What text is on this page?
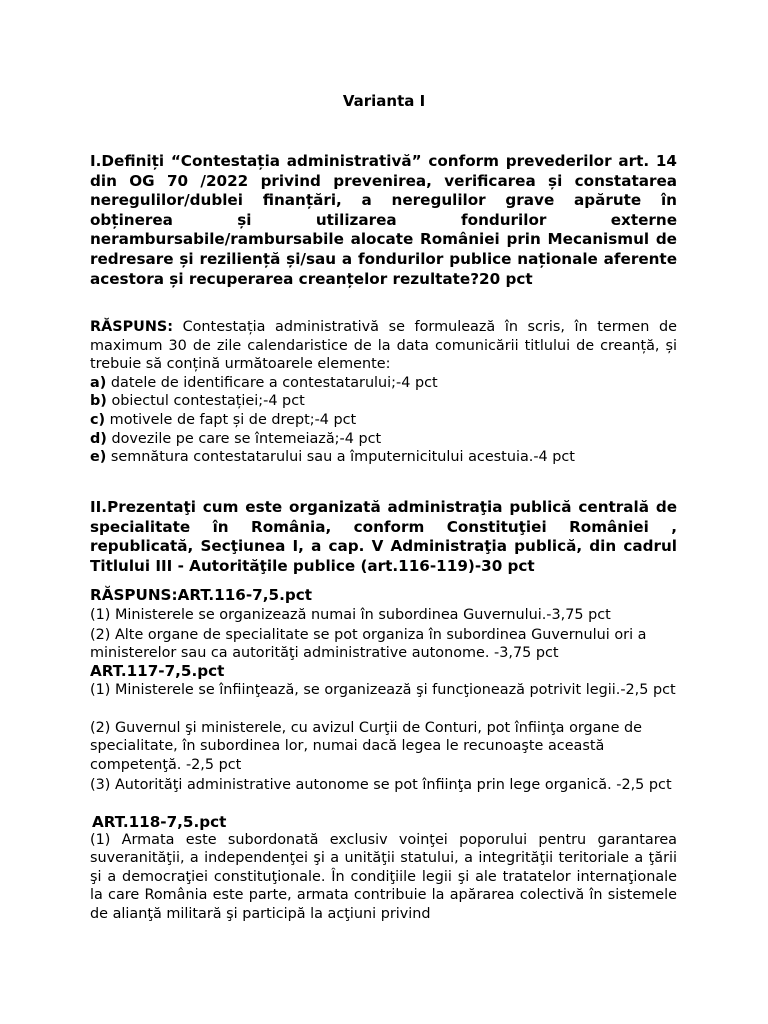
Varianta I
I.Definiți “Contestația administrativă” conform prevederilor art. 14 din OG 70 /2022 privind prevenirea, verificarea și constatarea neregulilor/dublei finanțări, a neregulilor grave apărute în obținerea și utilizarea fondurilor externe nerambursabile/rambursabile alocate României prin Mecanismul de redresare și reziliență și/sau a fondurilor publice naționale aferente acestora și recuperarea creanțelor rezultate?20 pct

RĂSPUNS: Contestația administrativă se formulează în scris, în termen de maximum 30 de zile calendaristice de la data comunicării titlului de creanță, și trebuie să conțină următoarele elemente:

a) datele de identificare a contestatarului;-4 pct

b) obiectul contestației;-4 pct

c) motivele de fapt și de drept;-4 pct

d) dovezile pe care se întemeiază;-4 pct

e) semnătura contestatarului sau a împuternicitului acestuia.-4 pct

II.Prezentaţi cum este organizată administraţia publică centrală de specialitate în România, conform Constituţiei României , republicată, Secţiunea I, a cap. V Administraţia publică, din cadrul Titlului III - Autorităţile publice (art.116-119)-30 pct
RĂSPUNS:ART.116-7,5.pct
(1) Ministerele se organizează numai în subordinea Guvernului.-3,75 pct
(2) Alte organe de specialitate se pot organiza în subordinea Guvernului ori a ministerelor sau ca autorităţi administrative autonome. -3,75 pct
ART.117-7,5.pct
(1) Ministerele se înfiinţează, se organizează şi funcţionează potrivit legii.-2,5 pct
(2) Guvernul şi ministerele, cu avizul Curţii de Conturi, pot înfiinţa organe de specialitate, în subordinea lor, numai dacă legea le recunoaşte această competenţă. -2,5 pct
(3) Autorităţi administrative autonome se pot înfiinţa prin lege organică. -2,5 pct
ART.118-7,5.pct
(1) Armata este subordonată exclusiv voinţei poporului pentru garantarea suveranităţii, a independenţei şi a unităţii statului, a integrităţii teritoriale a ţării şi a democraţiei constituţionale. În condiţiile legii şi ale tratatelor internaţionale la care România este parte, armata contribuie la apărarea colectivă în sistemele de alianţă militară şi participă la acţiuni privind
